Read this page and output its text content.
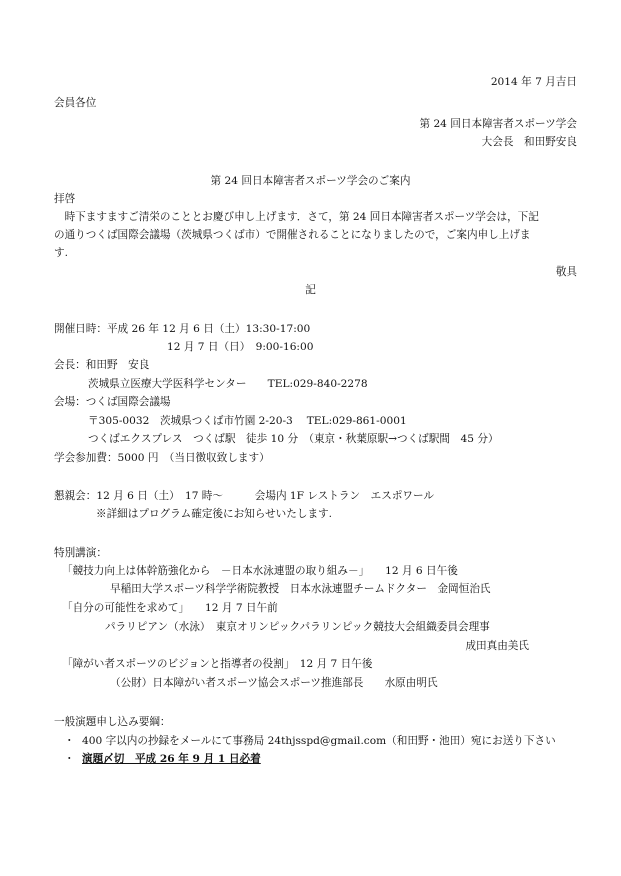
2014 年 7 月吉日
会員各位
第 24 回日本障害者スポーツ学会
大会長　和田野安良
第 24 回日本障害者スポーツ学会のご案内
拝啓
　時下ますますご清栄のこととお慶び申し上げます．さて，第 24 回日本障害者スポーツ学会は，下記
の通りつくば国際会議場（茨城県つくば市）で開催されることになりましたので，ご案内申し上げま
す.
敬具
記
開催日時：平成 26 年 12 月 6 日（土）13:30-17:00
12 月 7 日（日）　9:00-16:00
会長：和田野　安良
茨城県立医療大学医科学センター　　TEL:029-840-2278
会場：つくば国際会議場
〒305-0032　茨城県つくば市竹園 2-20-3　 TEL:029-861-0001
つくばエクスプレス　つくば駅　徒歩 10 分　（東京・秋葉原駅→つくば駅間　45 分）
学会参加費：5000 円　（当日徴収致します）
懇親会：12 月 6 日（土）　17 時～　　　会場内 1F レストラン　エスポワール
※詳細はプログラム確定後にお知らせいたします.
特別講演：
「競技力向上は体幹筋強化から　－日本水泳連盟の取り組み－」　　12 月 6 日午後
早稲田大学スポーツ科学学術院教授　日本水泳連盟チームドクター　金岡恒治氏
「自分の可能性を求めて」　　12 月 7 日午前
パラリピアン（水泳）　東京オリンピックパラリンピック競技大会組織委員会理事
成田真由美氏
「障がい者スポーツのビジョンと指導者の役割」　12 月 7 日午後
（公財）日本障がい者スポーツ協会スポーツ推進部長　　水原由明氏
一般演題申し込み要綱：
・ 400 字以内の抄録をメールにて事務局 24thjsspd@gmail.com（和田野・池田）宛にお送り下さい
・ 演題〆切　平成 26 年 9 月 1 日必着
